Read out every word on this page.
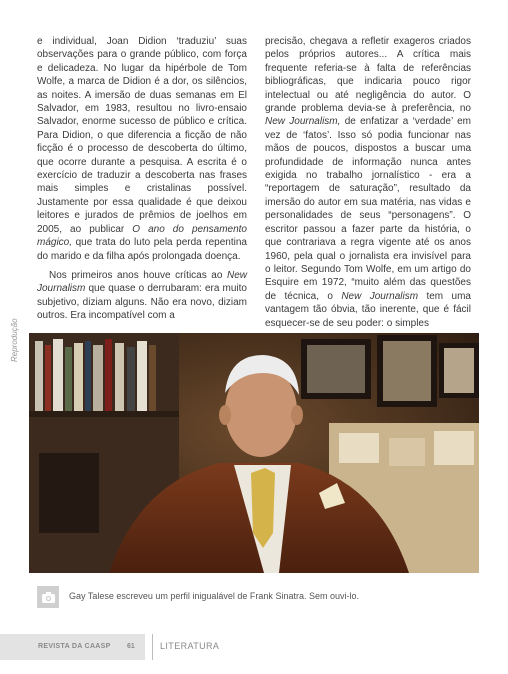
e individual, Joan Didion ‘traduziu’ suas observações para o grande público, com força e delicadeza. No lugar da hipérbole de Tom Wolfe, a marca de Didion é a dor, os silêncios, as noites. A imersão de duas semanas em El Salvador, em 1983, resultou no livro-ensaio Salvador, enorme sucesso de público e crítica. Para Didion, o que diferencia a ficção de não ficção é o processo de descoberta do último, que ocorre durante a pesquisa. A escrita é o exercício de traduzir a descoberta nas frases mais simples e cristalinas possível. Justamente por essa qualidade é que deixou leitores e jurados de prêmios de joelhos em 2005, ao publicar O ano do pensamento mágico, que trata do luto pela perda repentina do marido e da filha após prolongada doença.

Nos primeiros anos houve críticas ao New Journalism que quase o derrubaram: era muito subjetivo, diziam alguns. Não era novo, diziam outros. Era incompatível com a

precisão, chegava a refletir exageros criados pelos próprios autores... A crítica mais frequente referia-se à falta de referências bibliográficas, que indicaria pouco rigor intelectual ou até negligência do autor. O grande problema devia-se à preferência, no New Journalism, de enfatizar a ‘verdade’ em vez de ‘fatos’. Isso só podia funcionar nas mãos de poucos, dispostos a buscar uma profundidade de informação nunca antes exigida no trabalho jornalístico - era a “reportagem de saturação”, resultado da imersão do autor em sua matéria, nas vidas e personalidades de seus “personagens”. O escritor passou a fazer parte da história, o que contrariava a regra vigente até os anos 1960, pela qual o jornalista era invisível para o leitor. Segundo Tom Wolfe, em um artigo do Esquire em 1972, “muito além das questões de técnica, o New Journalism tem uma vantagem tão óbvia, tão inerente, que é fácil esquecer-se de seu poder: o simples

Reprodução
Gay Talese escreveu um perfil inigualável de Frank Sinatra. Sem ouvi-lo.
REVISTA DA CAASP 61	LITERATURA
